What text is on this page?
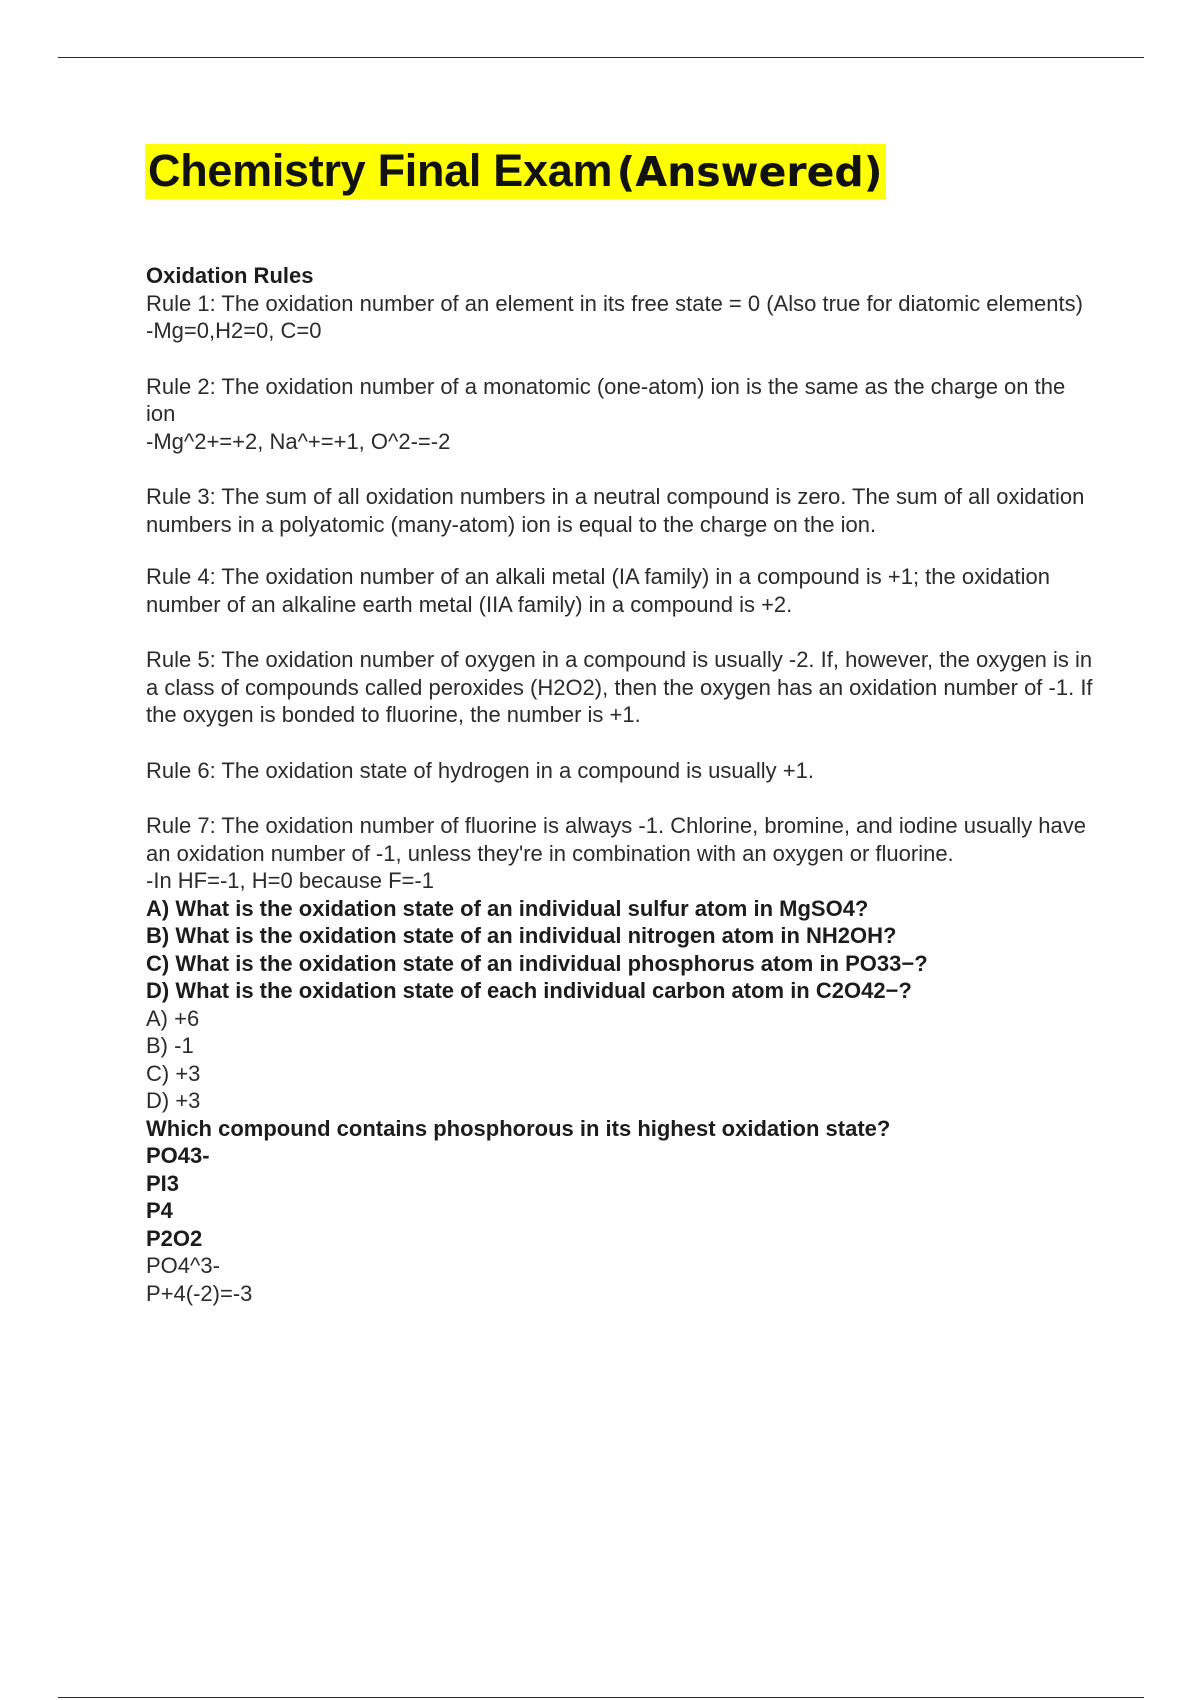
Chemistry Final Exam (Answered)

Oxidation Rules

Rule 1: The oxidation number of an element in its free state = 0 (Also true for diatomic elements)

-Mg=0,H2=0, C=0

Rule 2: The oxidation number of a monatomic (one-atom) ion is the same as the charge on the ion

-Mg^2+=+2, Na^+=+1, O^2-=-2

Rule 3: The sum of all oxidation numbers in a neutral compound is zero. The sum of all oxidation numbers in a polyatomic (many-atom) ion is equal to the charge on the ion.

Rule 4: The oxidation number of an alkali metal (IA family) in a compound is +1; the oxidation number of an alkaline earth metal (IIA family) in a compound is +2.

Rule 5: The oxidation number of oxygen in a compound is usually -2. If, however, the oxygen is in a class of compounds called peroxides (H2O2), then the oxygen has an oxidation number of -1. If the oxygen is bonded to fluorine, the number is +1.

Rule 6: The oxidation state of hydrogen in a compound is usually +1.

Rule 7: The oxidation number of fluorine is always -1. Chlorine, bromine, and iodine usually have an oxidation number of -1, unless they're in combination with an oxygen or fluorine.

-In HF=-1, H=0 because F=-1

A) What is the oxidation state of an individual sulfur atom in MgSO4?

B) What is the oxidation state of an individual nitrogen atom in NH2OH?

C) What is the oxidation state of an individual phosphorus atom in PO33−?

D) What is the oxidation state of each individual carbon atom in C2O42−?

A) +6

B) -1

C) +3

D) +3

Which compound contains phosphorous in its highest oxidation state?

PO43-

PI3

P4

P2O2

PO4^3-

P+4(-2)=-3
